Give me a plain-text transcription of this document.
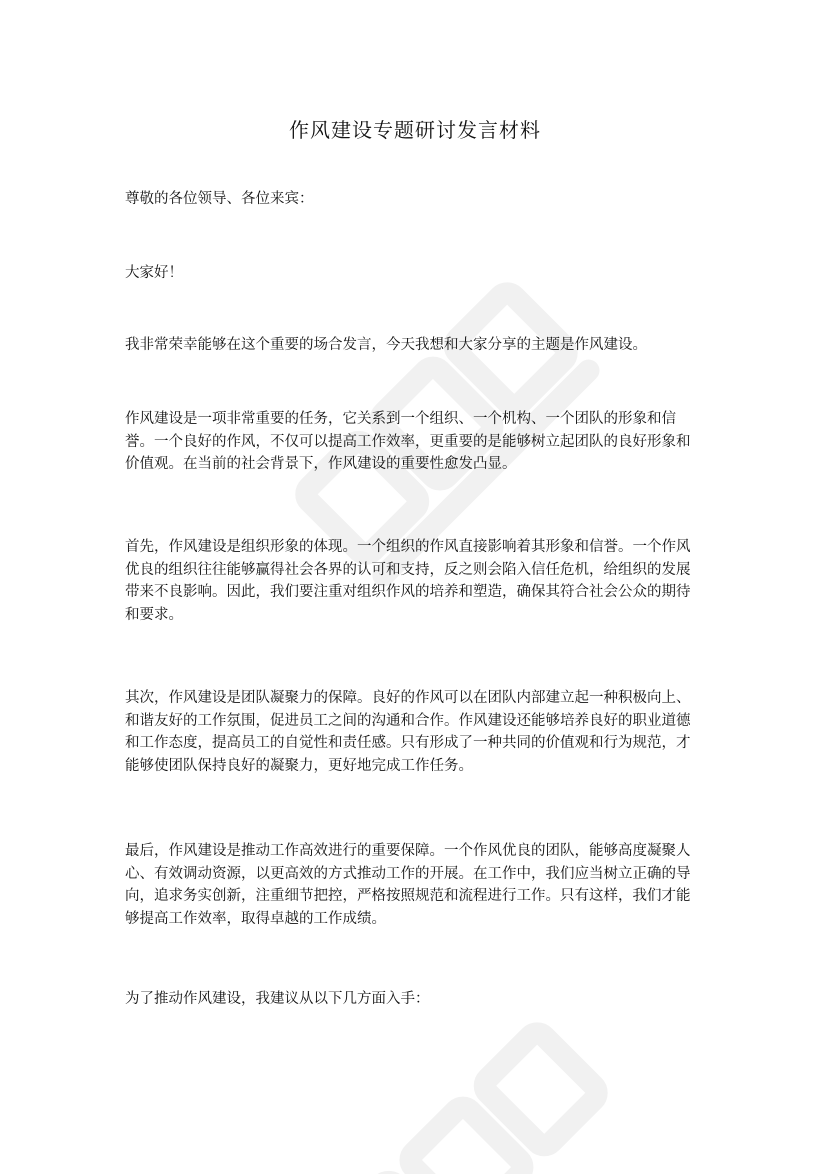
作风建设专题研讨发言材料

尊敬的各位领导、各位来宾：

大家好！

我非常荣幸能够在这个重要的场合发言，今天我想和大家分享的主题是作风建设。

作风建设是一项非常重要的任务，它关系到一个组织、一个机构、一个团队的形象和信誉。一个良好的作风，不仅可以提高工作效率，更重要的是能够树立起团队的良好形象和价值观。在当前的社会背景下，作风建设的重要性愈发凸显。

首先，作风建设是组织形象的体现。一个组织的作风直接影响着其形象和信誉。一个作风优良的组织往往能够赢得社会各界的认可和支持，反之则会陷入信任危机，给组织的发展带来不良影响。因此，我们要注重对组织作风的培养和塑造，确保其符合社会公众的期待和要求。

其次，作风建设是团队凝聚力的保障。良好的作风可以在团队内部建立起一种积极向上、和谐友好的工作氛围，促进员工之间的沟通和合作。作风建设还能够培养良好的职业道德和工作态度，提高员工的自觉性和责任感。只有形成了一种共同的价值观和行为规范，才能够使团队保持良好的凝聚力，更好地完成工作任务。

最后，作风建设是推动工作高效进行的重要保障。一个作风优良的团队，能够高度凝聚人心、有效调动资源，以更高效的方式推动工作的开展。在工作中，我们应当树立正确的导向，追求务实创新，注重细节把控，严格按照规范和流程进行工作。只有这样，我们才能够提高工作效率，取得卓越的工作成绩。

为了推动作风建设，我建议从以下几方面入手：
